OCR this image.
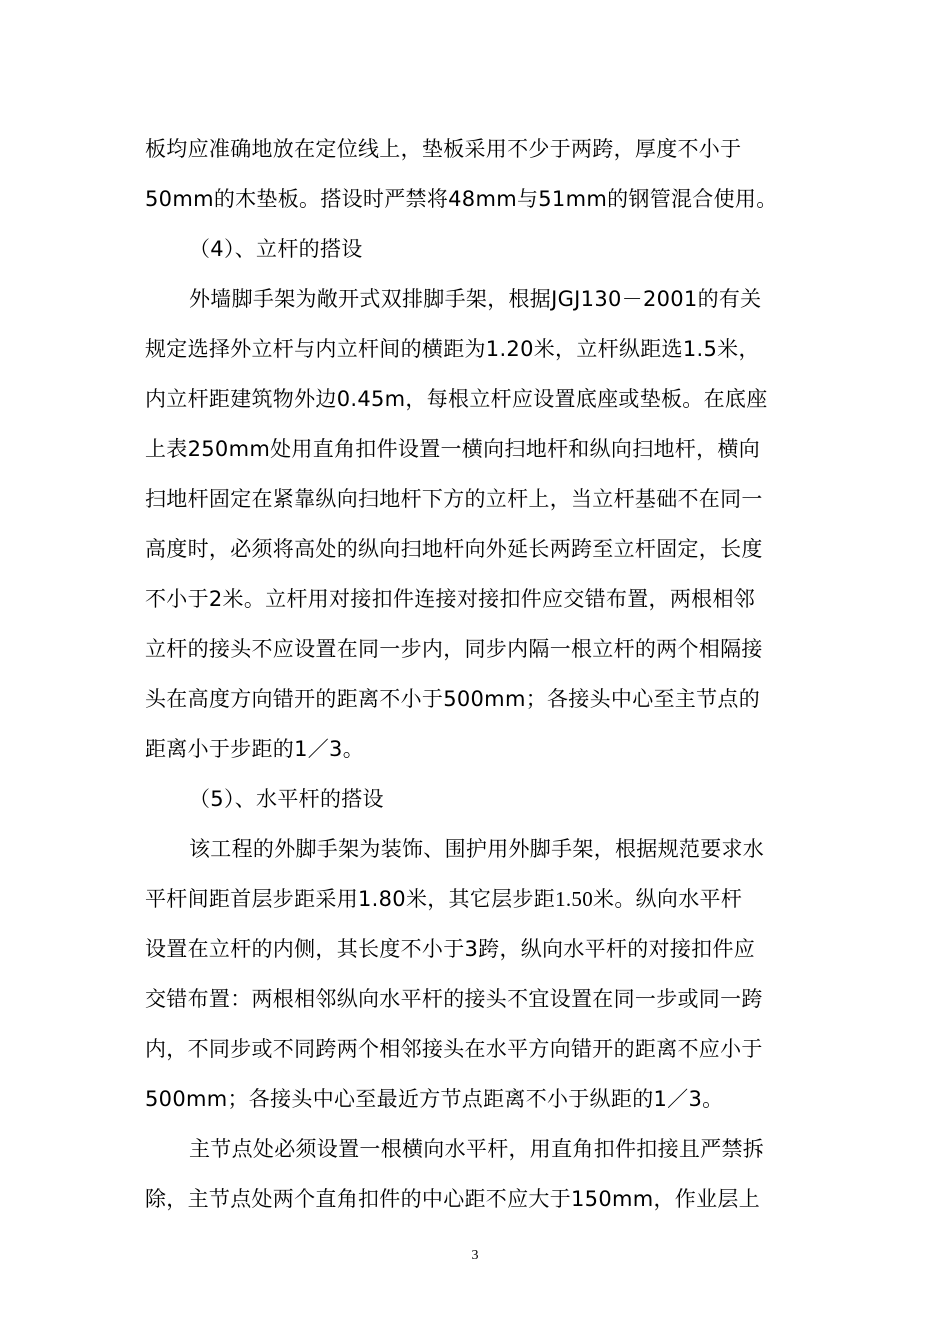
板均应准确地放在定位线上，垫板采用不少于两跨，厚度不小于
50mm的木垫板。搭设时严禁将48mm与51mm的钢管混合使用。
（4）、立杆的搭设
外墙脚手架为敞开式双排脚手架，根据JGJ130－2001的有关
规定选择外立杆与内立杆间的横距为1.20米，立杆纵距选1.5米，
内立杆距建筑物外边0.45m，每根立杆应设置底座或垫板。在底座
上表250mm处用直角扣件设置一横向扫地杆和纵向扫地杆，横向
扫地杆固定在紧靠纵向扫地杆下方的立杆上，当立杆基础不在同一
高度时，必须将高处的纵向扫地杆向外延长两跨至立杆固定，长度
不小于2米。立杆用对接扣件连接对接扣件应交错布置，两根相邻
立杆的接头不应设置在同一步内，同步内隔一根立杆的两个相隔接
头在高度方向错开的距离不小于500mm；各接头中心至主节点的
距离小于步距的1／3。
（5）、水平杆的搭设
该工程的外脚手架为装饰、围护用外脚手架，根据规范要求水
平杆间距首层步距采用1.80米，其它层步距1.50米。纵向水平杆
设置在立杆的内侧，其长度不小于3跨，纵向水平杆的对接扣件应
交错布置：两根相邻纵向水平杆的接头不宜设置在同一步或同一跨
内，不同步或不同跨两个相邻接头在水平方向错开的距离不应小于
500mm；各接头中心至最近方节点距离不小于纵距的1／3。
主节点处必须设置一根横向水平杆，用直角扣件扣接且严禁拆
除，主节点处两个直角扣件的中心距不应大于150mm，作业层上
3
